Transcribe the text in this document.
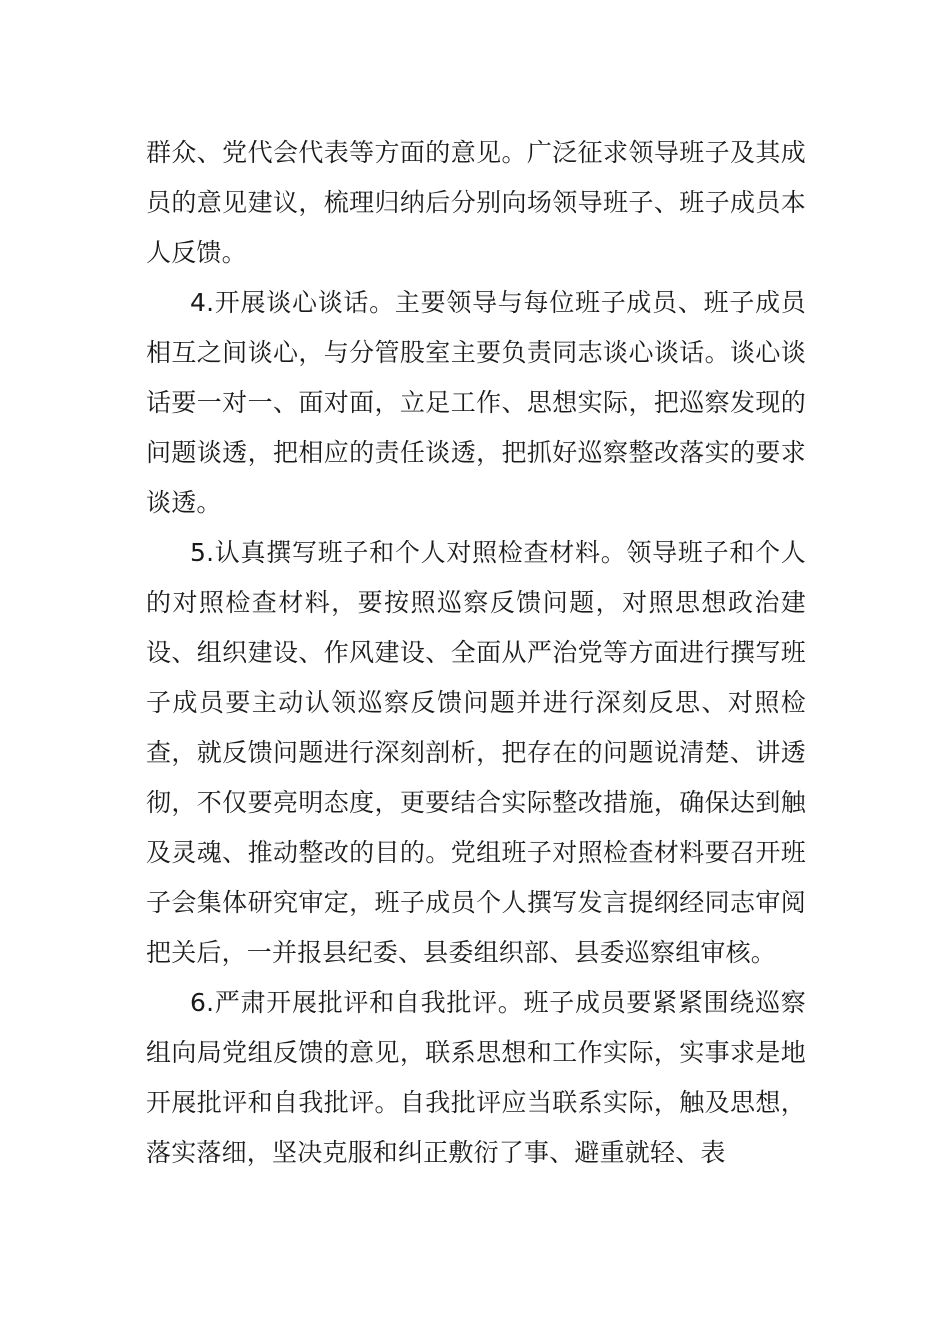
群众、党代会代表等方面的意见。广泛征求领导班子及其成员的意见建议，梳理归纳后分别向场领导班子、班子成员本人反馈。

4.开展谈心谈话。主要领导与每位班子成员、班子成员相互之间谈心，与分管股室主要负责同志谈心谈话。谈心谈话要一对一、面对面，立足工作、思想实际，把巡察发现的问题谈透，把相应的责任谈透，把抓好巡察整改落实的要求谈透。

5.认真撰写班子和个人对照检查材料。领导班子和个人的对照检查材料，要按照巡察反馈问题，对照思想政治建设、组织建设、作风建设、全面从严治党等方面进行撰写班子成员要主动认领巡察反馈问题并进行深刻反思、对照检查，就反馈问题进行深刻剖析，把存在的问题说清楚、讲透彻，不仅要亮明态度，更要结合实际整改措施，确保达到触及灵魂、推动整改的目的。党组班子对照检查材料要召开班子会集体研究审定，班子成员个人撰写发言提纲经同志审阅把关后，一并报县纪委、县委组织部、县委巡察组审核。

6.严肃开展批评和自我批评。班子成员要紧紧围绕巡察组向局党组反馈的意见，联系思想和工作实际，实事求是地开展批评和自我批评。自我批评应当联系实际，触及思想，落实落细，坚决克服和纠正敷衍了事、避重就轻、表
